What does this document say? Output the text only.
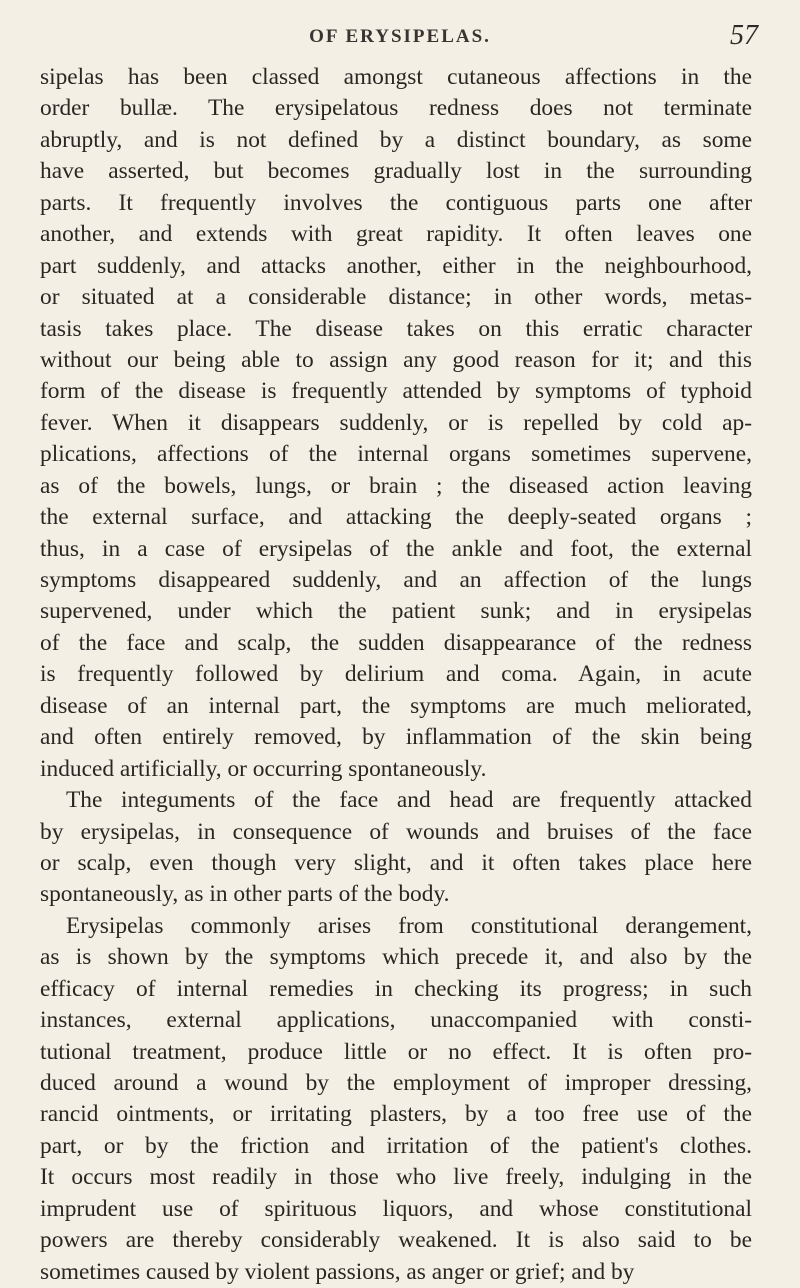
OF ERYSIPELAS.	57
sipelas has been classed amongst cutaneous affections in the
order bullæ. The erysipelatous redness does not terminate
abruptly, and is not defined by a distinct boundary, as some
have asserted, but becomes gradually lost in the surrounding
parts. It frequently involves the contiguous parts one after
another, and extends with great rapidity. It often leaves one
part suddenly, and attacks another, either in the neighbourhood,
or situated at a considerable distance; in other words, metas-
tasis takes place. The disease takes on this erratic character
without our being able to assign any good reason for it; and this
form of the disease is frequently attended by symptoms of typhoid
fever. When it disappears suddenly, or is repelled by cold ap-
plications, affections of the internal organs sometimes supervene,
as of the bowels, lungs, or brain ; the diseased action leaving
the external surface, and attacking the deeply-seated organs ;
thus, in a case of erysipelas of the ankle and foot, the external
symptoms disappeared suddenly, and an affection of the lungs
supervened, under which the patient sunk; and in erysipelas
of the face and scalp, the sudden disappearance of the redness
is frequently followed by delirium and coma. Again, in acute
disease of an internal part, the symptoms are much meliorated,
and often entirely removed, by inflammation of the skin being
induced artificially, or occurring spontaneously.
The integuments of the face and head are frequently attacked
by erysipelas, in consequence of wounds and bruises of the face
or scalp, even though very slight, and it often takes place here
spontaneously, as in other parts of the body.
Erysipelas commonly arises from constitutional derangement,
as is shown by the symptoms which precede it, and also by the
efficacy of internal remedies in checking its progress; in such
instances, external applications, unaccompanied with consti-
tutional treatment, produce little or no effect. It is often pro-
duced around a wound by the employment of improper dressing,
rancid ointments, or irritating plasters, by a too free use of the
part, or by the friction and irritation of the patient's clothes.
It occurs most readily in those who live freely, indulging in the
imprudent use of spirituous liquors, and whose constitutional
powers are thereby considerably weakened. It is also said to be
sometimes caused by violent passions, as anger or grief; and by
